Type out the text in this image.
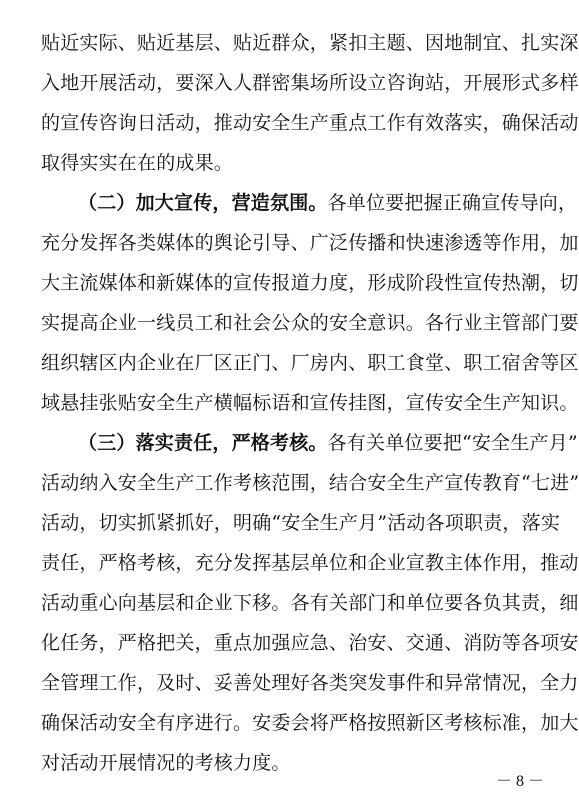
贴近实际、贴近基层、贴近群众，紧扣主题、因地制宜、扎实深
入地开展活动，要深入人群密集场所设立咨询站，开展形式多样
的宣传咨询日活动，推动安全生产重点工作有效落实，确保活动
取得实实在在的成果。
（二）加大宣传，营造氛围。各单位要把握正确宣传导向，
充分发挥各类媒体的舆论引导、广泛传播和快速渗透等作用，加
大主流媒体和新媒体的宣传报道力度，形成阶段性宣传热潮，切
实提高企业一线员工和社会公众的安全意识。各行业主管部门要
组织辖区内企业在厂区正门、厂房内、职工食堂、职工宿舍等区
域悬挂张贴安全生产横幅标语和宣传挂图，宣传安全生产知识。
（三）落实责任，严格考核。各有关单位要把“安全生产月”
活动纳入安全生产工作考核范围，结合安全生产宣传教育“七进”
活动，切实抓紧抓好，明确“安全生产月”活动各项职责，落实
责任，严格考核，充分发挥基层单位和企业宣教主体作用，推动
活动重心向基层和企业下移。各有关部门和单位要各负其责，细
化任务，严格把关，重点加强应急、治安、交通、消防等各项安
全管理工作，及时、妥善处理好各类突发事件和异常情况，全力
确保活动安全有序进行。安委会将严格按照新区考核标准，加大
对活动开展情况的考核力度。
－ 8 －
